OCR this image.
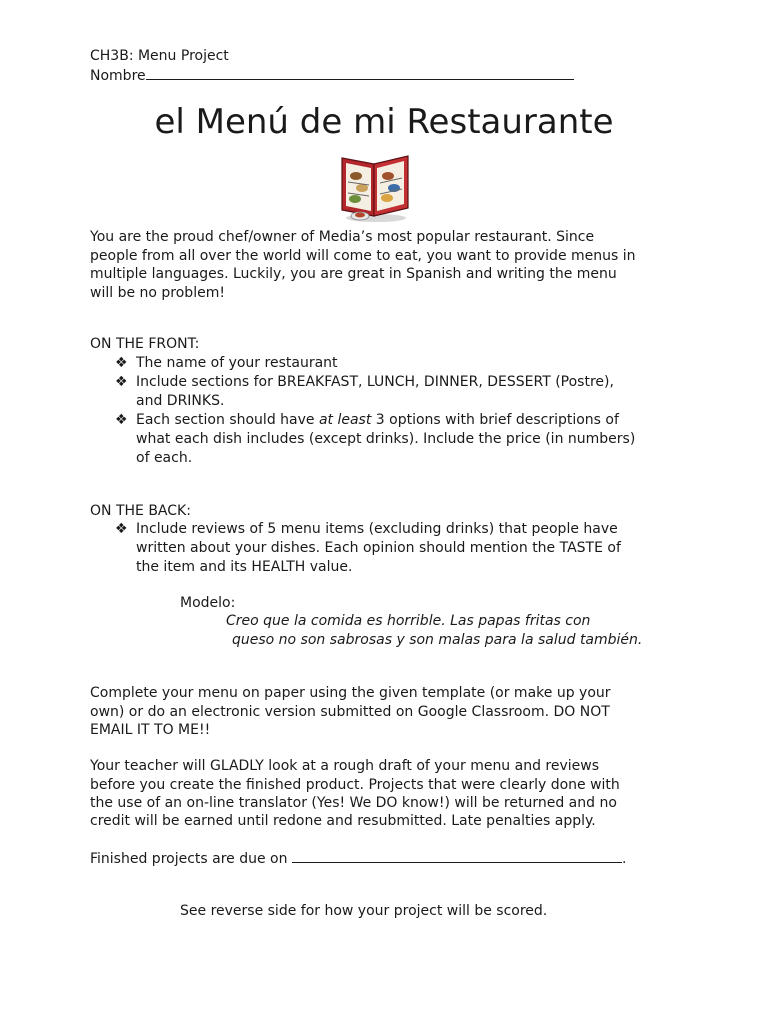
CH3B: Menu Project
Nombre
el Menú de mi Restaurante
You are the proud chef/owner of Media’s most popular restaurant. Since
people from all over the world will come to eat, you want to provide menus in
multiple languages. Luckily, you are great in Spanish and writing the menu
will be no problem!
ON THE FRONT:
❖ The name of your restaurant
❖ Include sections for BREAKFAST, LUNCH, DINNER, DESSERT (Postre),
and DRINKS.
❖ Each section should have at least 3 options with brief descriptions of
what each dish includes (except drinks). Include the price (in numbers)
of each.
ON THE BACK:
❖ Include reviews of 5 menu items (excluding drinks) that people have
written about your dishes. Each opinion should mention the TASTE of
the item and its HEALTH value.
Modelo:
Creo que la comida es horrible. Las papas fritas con
queso no son sabrosas y son malas para la salud también.
Complete your menu on paper using the given template (or make up your
own) or do an electronic version submitted on Google Classroom. DO NOT
EMAIL IT TO ME!!
Your teacher will GLADLY look at a rough draft of your menu and reviews
before you create the finished product. Projects that were clearly done with
the use of an on-line translator (Yes! We DO know!) will be returned and no
credit will be earned until redone and resubmitted. Late penalties apply.
Finished projects are due on	.
See reverse side for how your project will be scored.
